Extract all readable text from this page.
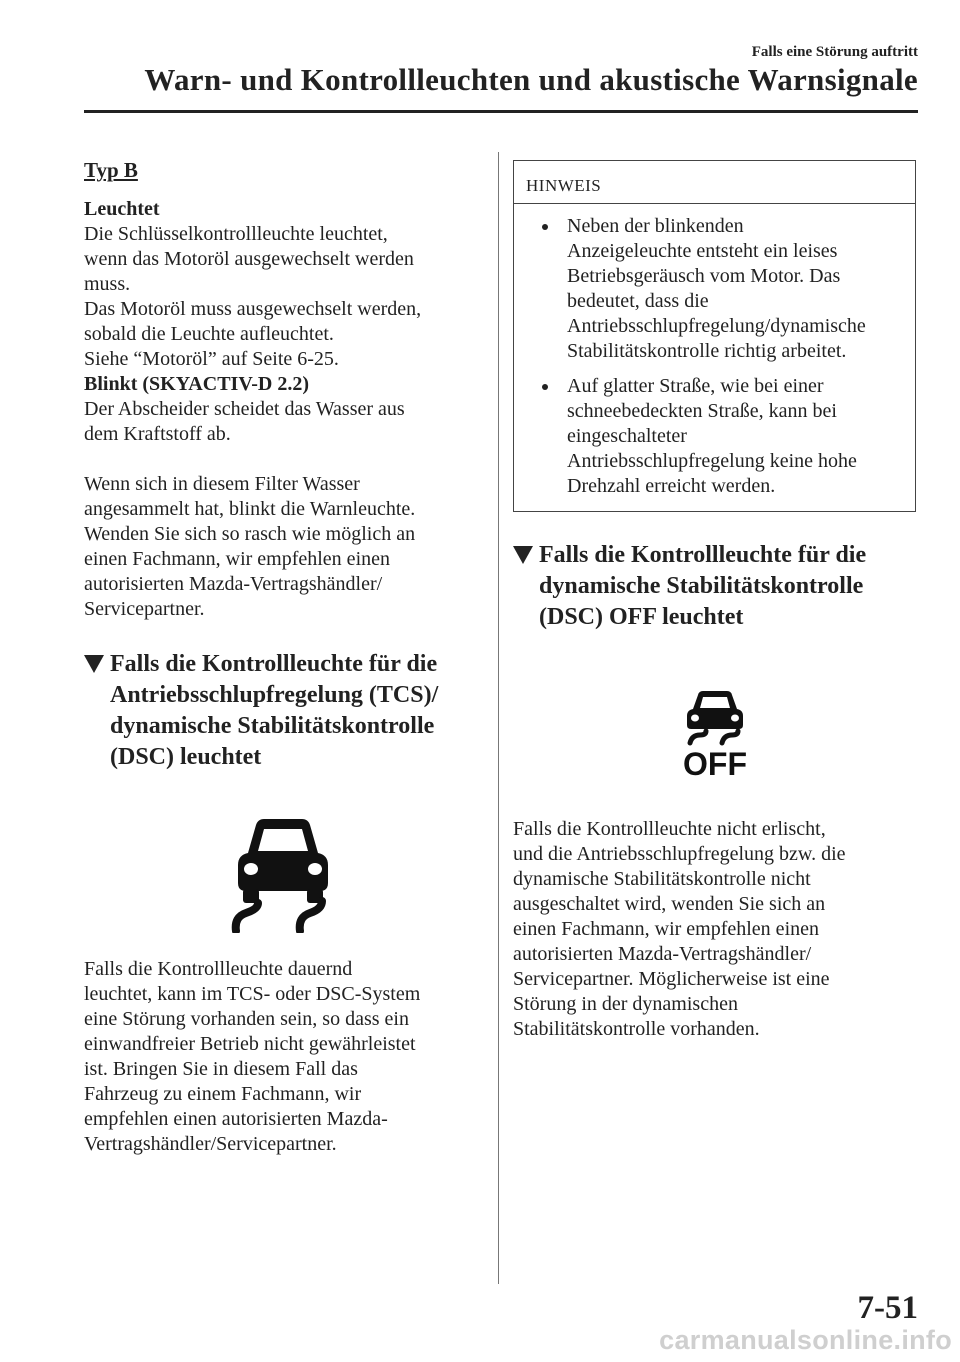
Falls eine Störung auftritt
Warn- und Kontrollleuchten und akustische Warnsignale
Typ B
Leuchtet
Die Schlüsselkontrollleuchte leuchtet,
wenn das Motoröl ausgewechselt werden
muss.
Das Motoröl muss ausgewechselt werden,
sobald die Leuchte aufleuchtet.
Siehe “Motoröl” auf Seite 6-25.
Blinkt (SKYACTIV-D 2.2)
Der Abscheider scheidet das Wasser aus
dem Kraftstoff ab.
Wenn sich in diesem Filter Wasser
angesammelt hat, blinkt die Warnleuchte.
Wenden Sie sich so rasch wie möglich an
einen Fachmann, wir empfehlen einen
autorisierten Mazda-Vertragshändler/
Servicepartner.
Falls die Kontrollleuchte für die
Antriebsschlupfregelung (TCS)/
dynamische Stabilitätskontrolle
(DSC) leuchtet
Falls die Kontrollleuchte dauernd
leuchtet, kann im TCS- oder DSC-System
eine Störung vorhanden sein, so dass ein
einwandfreier Betrieb nicht gewährleistet
ist. Bringen Sie in diesem Fall das
Fahrzeug zu einem Fachmann, wir
empfehlen einen autorisierten Mazda-
Vertragshändler/Servicepartner.
HINWEIS
Neben der blinkenden
Anzeigeleuchte entsteht ein leises
Betriebsgeräusch vom Motor. Das
bedeutet, dass die
Antriebsschlupfregelung/dynamische
Stabilitätskontrolle richtig arbeitet.
Auf glatter Straße, wie bei einer
schneebedeckten Straße, kann bei
eingeschalteter
Antriebsschlupfregelung keine hohe
Drehzahl erreicht werden.
Falls die Kontrollleuchte für die
dynamische Stabilitätskontrolle
(DSC) OFF leuchtet
OFF
Falls die Kontrollleuchte nicht erlischt,
und die Antriebsschlupfregelung bzw. die
dynamische Stabilitätskontrolle nicht
ausgeschaltet wird, wenden Sie sich an
einen Fachmann, wir empfehlen einen
autorisierten Mazda-Vertragshändler/
Servicepartner. Möglicherweise ist eine
Störung in der dynamischen
Stabilitätskontrolle vorhanden.
7-51
carmanualsonline.info
